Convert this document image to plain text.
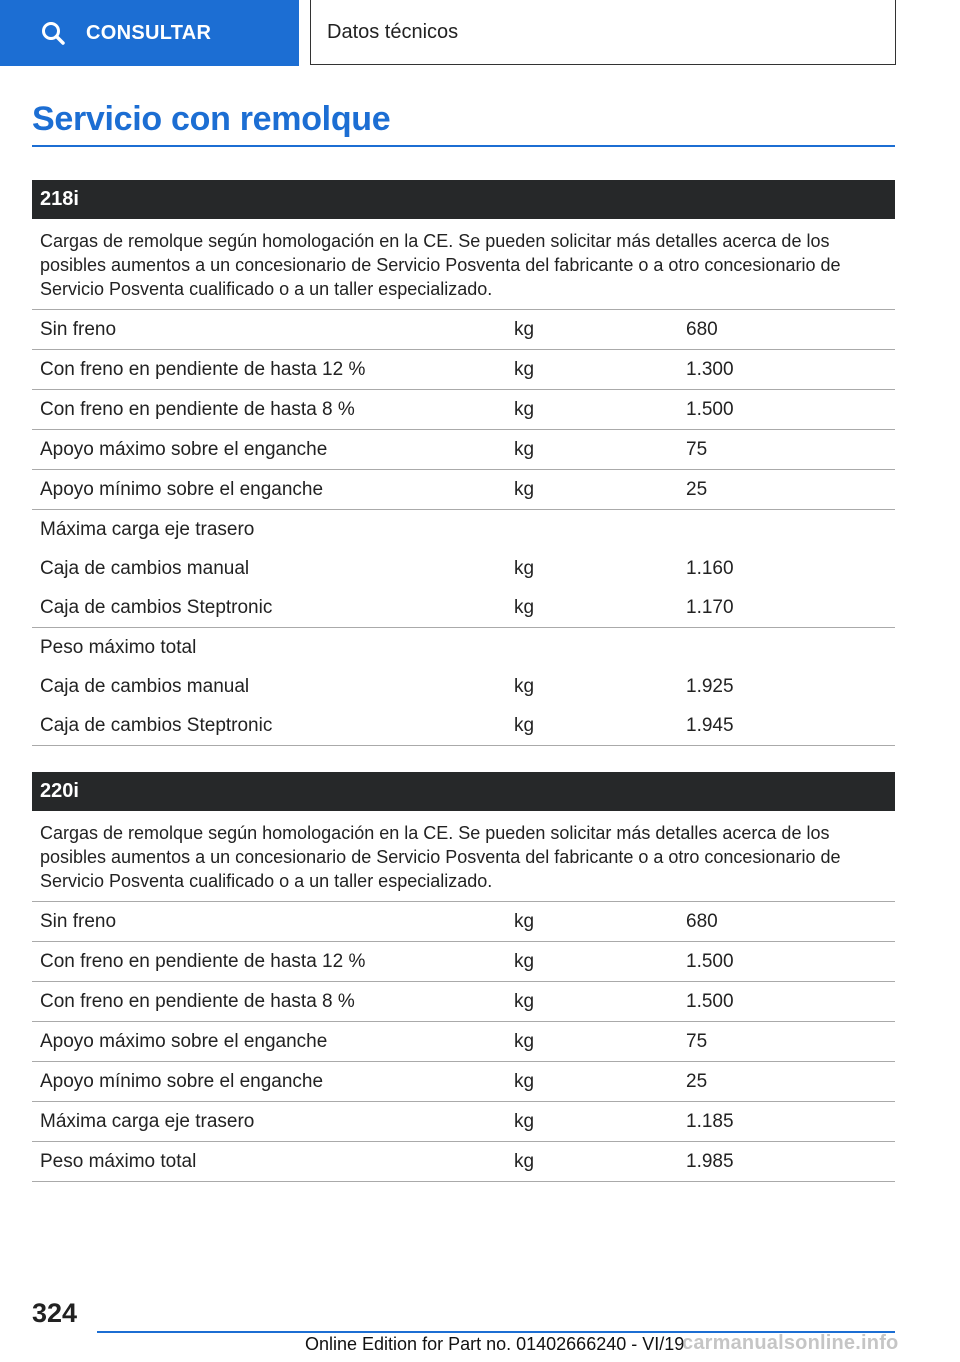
CONSULTAR	Datos técnicos
Servicio con remolque
218i
Cargas de remolque según homologación en la CE. Se pueden solicitar más detalles acerca de los posibles aumentos a un concesionario de Servicio Posventa del fabricante o a otro concesionario de Servicio Posventa cualificado o a un taller especializado.
Sin freno	kg	680
Con freno en pendiente de hasta 12 %	kg	1.300
Con freno en pendiente de hasta 8 %	kg	1.500
Apoyo máximo sobre el enganche	kg	75
Apoyo mínimo sobre el enganche	kg	25
Máxima carga eje trasero
Caja de cambios manual	kg	1.160
Caja de cambios Steptronic	kg	1.170
Peso máximo total
Caja de cambios manual	kg	1.925
Caja de cambios Steptronic	kg	1.945
220i
Cargas de remolque según homologación en la CE. Se pueden solicitar más detalles acerca de los posibles aumentos a un concesionario de Servicio Posventa del fabricante o a otro concesionario de Servicio Posventa cualificado o a un taller especializado.
Sin freno	kg	680
Con freno en pendiente de hasta 12 %	kg	1.500
Con freno en pendiente de hasta 8 %	kg	1.500
Apoyo máximo sobre el enganche	kg	75
Apoyo mínimo sobre el enganche	kg	25
Máxima carga eje trasero	kg	1.185
Peso máximo total	kg	1.985
324
Online Edition for Part no. 01402666240 - VI/19
carmanualsonline.info
